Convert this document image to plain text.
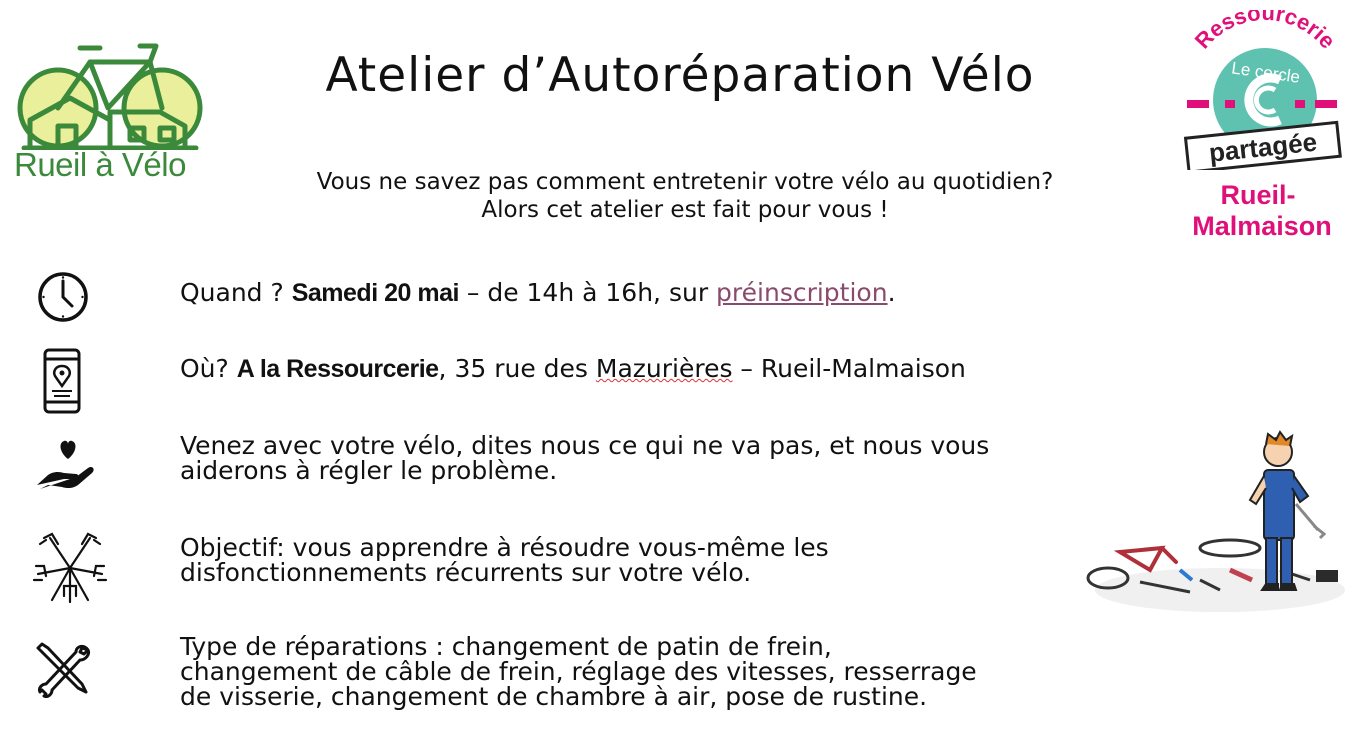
Rueil à Vélo
Ressourcerie
Le cercle
partagée
Rueil-
Malmaison
Atelier d’Autoréparation Vélo
Vous ne savez pas comment entretenir votre vélo au quotidien?
Alors cet atelier est fait pour vous !
Quand ? Samedi 20 mai – de 14h à 16h, sur préinscription.
Où? A la Ressourcerie, 35 rue des Mazurières – Rueil-Malmaison
Venez avec votre vélo, dites nous ce qui ne va pas, et nous vous
aiderons à régler le problème.
Objectif: vous apprendre à résoudre vous-même les
disfonctionnements récurrents sur votre vélo.
Type de réparations : changement de patin de frein,
changement de câble de frein, réglage des vitesses, resserrage
de visserie, changement de chambre à air, pose de rustine.
